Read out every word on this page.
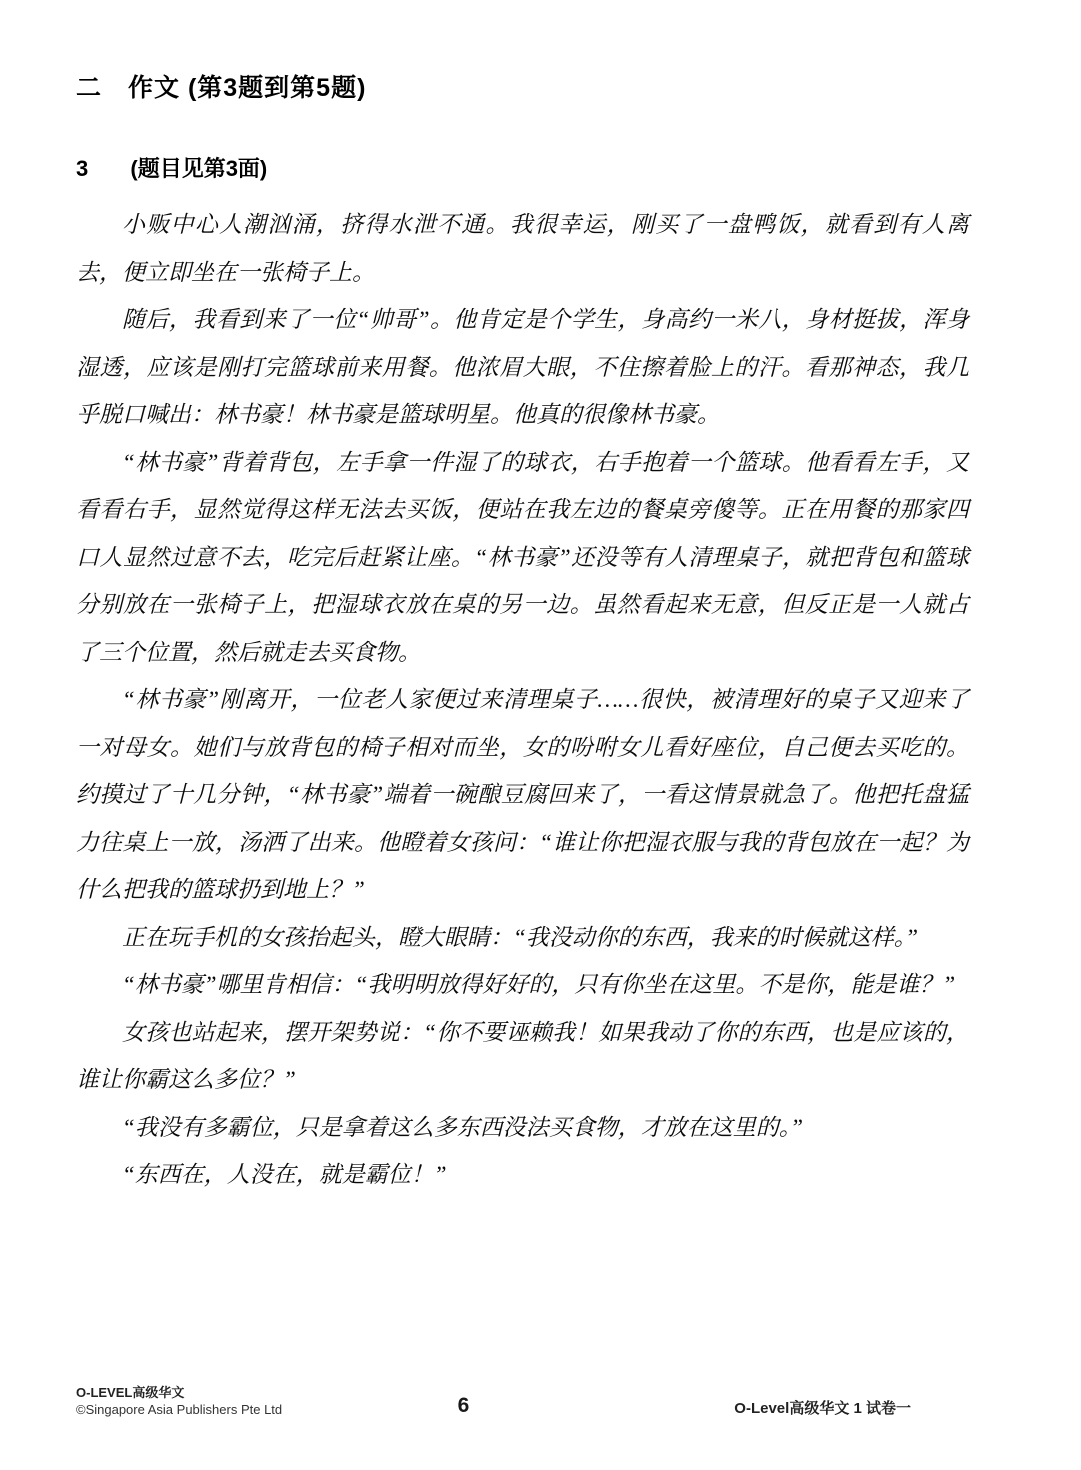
二　作文 (第3题到第5题)
3 (题目见第3面)

小贩中心人潮汹涌，挤得水泄不通。我很幸运，刚买了一盘鸭饭，就看到有人离去，便立即坐在一张椅子上。

随后，我看到来了一位“帅哥”。他肯定是个学生，身高约一米八，身材挺拔，浑身湿透，应该是刚打完篮球前来用餐。他浓眉大眼，不住擦着脸上的汗。看那神态，我几乎脱口喊出：林书豪！林书豪是篮球明星。他真的很像林书豪。

“林书豪”背着背包，左手拿一件湿了的球衣，右手抱着一个篮球。他看看左手，又看看右手，显然觉得这样无法去买饭，便站在我左边的餐桌旁傻等。正在用餐的那家四口人显然过意不去，吃完后赶紧让座。“林书豪”还没等有人清理桌子，就把背包和篮球分别放在一张椅子上，把湿球衣放在桌的另一边。虽然看起来无意，但反正是一人就占了三个位置，然后就走去买食物。

“林书豪”刚离开，一位老人家便过来清理桌子……很快，被清理好的桌子又迎来了一对母女。她们与放背包的椅子相对而坐，女的吩咐女儿看好座位，自己便去买吃的。约摸过了十几分钟，“林书豪”端着一碗酿豆腐回来了，一看这情景就急了。他把托盘猛力往桌上一放，汤洒了出来。他瞪着女孩问：“谁让你把湿衣服与我的背包放在一起？为什么把我的篮球扔到地上？”

正在玩手机的女孩抬起头，瞪大眼睛：“我没动你的东西，我来的时候就这样。”

“林书豪”哪里肯相信：“我明明放得好好的，只有你坐在这里。不是你，能是谁？”

女孩也站起来，摆开架势说：“你不要诬赖我！如果我动了你的东西，也是应该的，谁让你霸这么多位？”

“我没有多霸位，只是拿着这么多东西没法买食物，才放在这里的。”

“东西在，人没在，就是霸位！”

O-LEVEL高级华文
©Singapore Asia Publishers Pte Ltd	6	O-Level高级华文 1 试卷一
